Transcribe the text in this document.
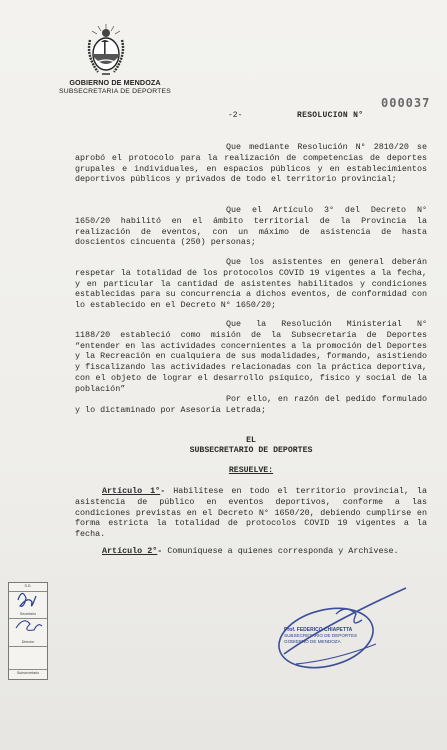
GOBIERNO DE MENDOZA
SUBSECRETARIA DE DEPORTES
000037
-2-	RESOLUCION N°

Que mediante Resolución N° 2810/20 se aprobó el protocolo para la realización de competencias de deportes grupales e individuales, en espacios públicos y en establecimientos deportivos públicos y privados de todo el territorio provincial;

Que el Artículo 3° del Decreto N° 1650/20 habilitó en el ámbito territorial de la Provincia la realización de eventos, con un máximo de asistencia de hasta doscientos cincuenta (250) personas;

Que los asistentes en general deberán respetar la totalidad de los protocolos COVID 19 vigentes a la fecha, y en particular la cantidad de asistentes habilitados y condiciones establecidas para su concurrencia a dichos eventos, de conformidad con lo establecido en el Decreto N° 1650/20;

Que la Resolución Ministerial N° 1188/20 estableció como misión de la Subsecretaría de Deportes “entender en las actividades concernientes a la promoción del Deportes y la Recreación en cualquiera de sus modalidades, formando, asistiendo y fiscalizando las actividades relacionadas con la práctica deportiva, con el objeto de lograr el desarrollo psíquico, físico y social de la población”

Por ello, en razón del pedido formulado y lo dictaminado por Asesoría Letrada;

EL

SUBSECRETARIO DE DEPORTES

RESUELVE:

Artículo 1°- Habilítese en todo el territorio provincial, la asistencia de público en eventos deportivos, conforme a las condiciones previstas en el Decreto N° 1650/20, debiendo cumplirse en forma estricta la totalidad de protocolos COVID 19 vigentes a la fecha.

Artículo 2°- Comuníquese a quienes corresponda y Archívese.

S.D.
Secretario
Director
Subsecretario
Prof. FEDERICO CHIAPETTA
SUBSECRETARIO DE DEPORTES
GOBIERNO DE MENDOZA
